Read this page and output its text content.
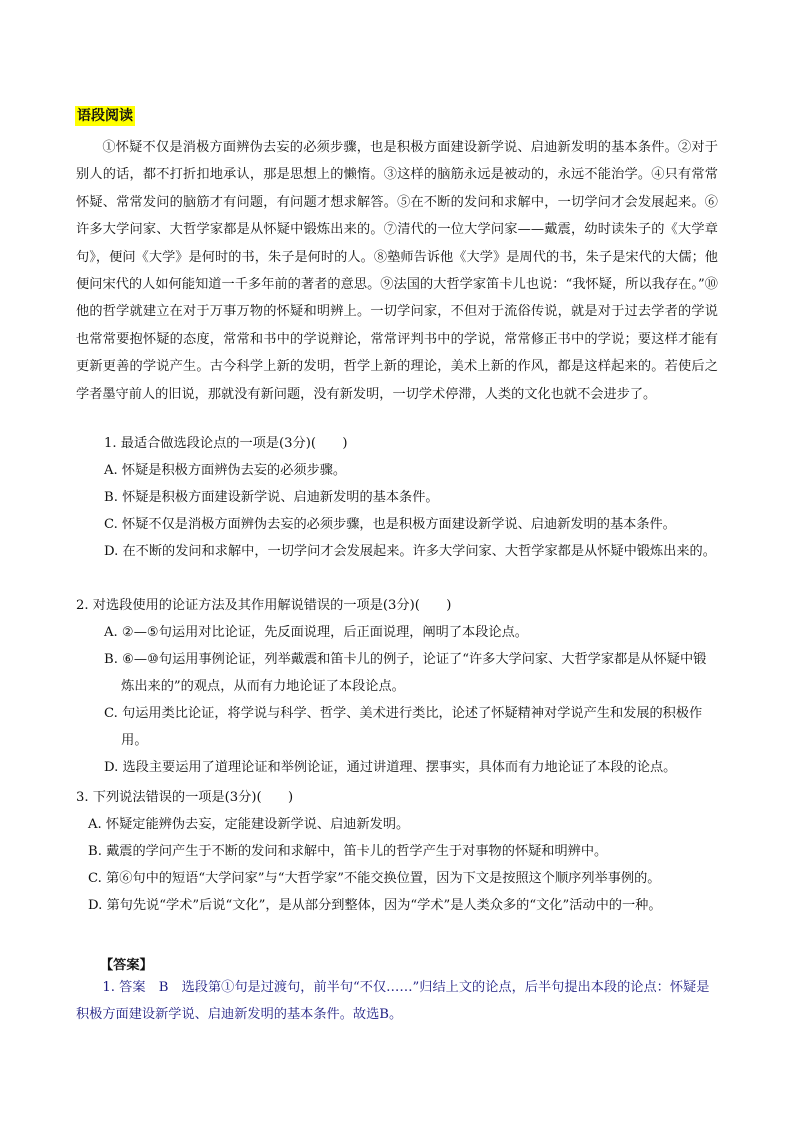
语段阅读

①怀疑不仅是消极方面辨伪去妄的必须步骤，也是积极方面建设新学说、启迪新发明的基本条件。②对于别人的话，都不打折扣地承认，那是思想上的懒惰。③这样的脑筋永远是被动的，永远不能治学。④只有常常怀疑、常常发问的脑筋才有问题，有问题才想求解答。⑤在不断的发问和求解中，一切学问才会发展起来。⑥许多大学问家、大哲学家都是从怀疑中锻炼出来的。⑦清代的一位大学问家——戴震，幼时读朱子的《大学章句》，便问《大学》是何时的书，朱子是何时的人。⑧塾师告诉他《大学》是周代的书，朱子是宋代的大儒；他便问宋代的人如何能知道一千多年前的著者的意思。⑨法国的大哲学家笛卡儿也说：“我怀疑，所以我存在。”⑩他的哲学就建立在对于万事万物的怀疑和明辨上。一切学问家，不但对于流俗传说，就是对于过去学者的学说也常常要抱怀疑的态度，常常和书中的学说辩论，常常评判书中的学说，常常修正书中的学说；要这样才能有更新更善的学说产生。古今科学上新的发明，哲学上新的理论，美术上新的作风，都是这样起来的。若使后之学者墨守前人的旧说，那就没有新问题，没有新发明，一切学术停滞，人类的文化也就不会进步了。

1. 最适合做选段论点的一项是(3分)(　　)
A. 怀疑是积极方面辨伪去妄的必须步骤。
B. 怀疑是积极方面建设新学说、启迪新发明的基本条件。
C. 怀疑不仅是消极方面辨伪去妄的必须步骤，也是积极方面建设新学说、启迪新发明的基本条件。
D. 在不断的发问和求解中，一切学问才会发展起来。许多大学问家、大哲学家都是从怀疑中锻炼出来的。
2. 对选段使用的论证方法及其作用解说错误的一项是(3分)(　　)
A. ②—⑤句运用对比论证，先反面说理，后正面说理，阐明了本段论点。
B. ⑥—⑩句运用事例论证，列举戴震和笛卡儿的例子，论证了“许多大学问家、大哲学家都是从怀疑中锻炼出来的”的观点，从而有力地论证了本段论点。
C. 句运用类比论证，将学说与科学、哲学、美术进行类比，论述了怀疑精神对学说产生和发展的积极作用。
D. 选段主要运用了道理论证和举例论证，通过讲道理、摆事实，具体而有力地论证了本段的论点。
3. 下列说法错误的一项是(3分)(　　)
A. 怀疑定能辨伪去妄，定能建设新学说、启迪新发明。
B. 戴震的学问产生于不断的发问和求解中，笛卡儿的哲学产生于对事物的怀疑和明辨中。
C. 第⑥句中的短语“大学问家”与“大哲学家”不能交换位置，因为下文是按照这个顺序列举事例的。
D. 第句先说“学术”后说“文化”，是从部分到整体，因为“学术”是人类众多的“文化”活动中的一种。
【答案】
1. 答案　B　选段第①句是过渡句，前半句“不仅……”归结上文的论点，后半句提出本段的论点：怀疑是积极方面建设新学说、启迪新发明的基本条件。故选B。
